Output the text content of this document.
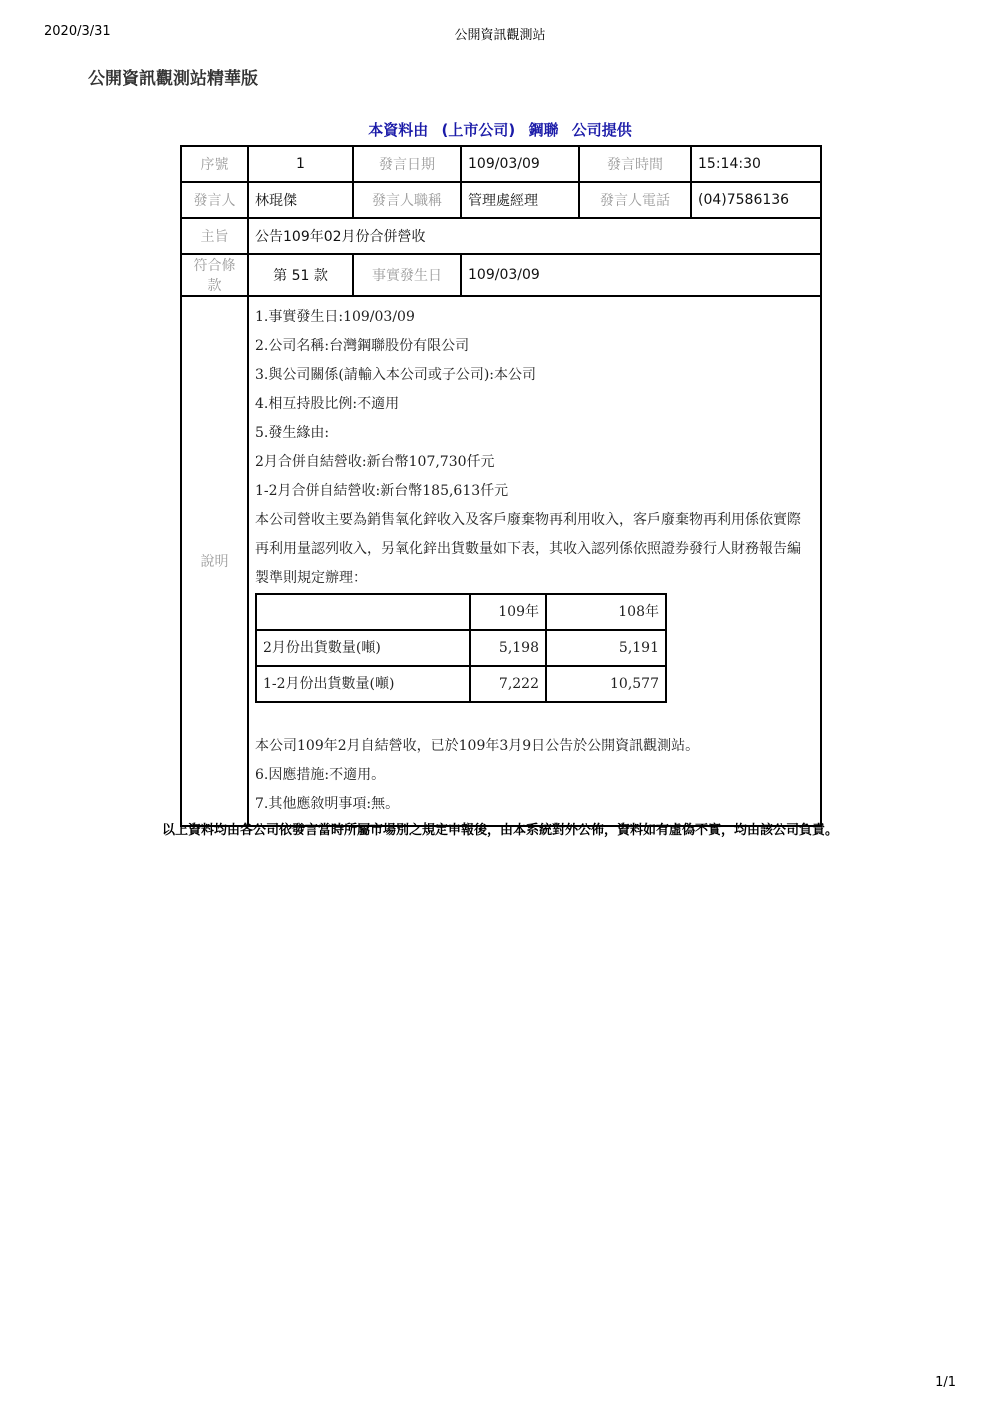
2020/3/31	公開資訊觀測站
公開資訊觀測站精華版
本資料由 (上市公司) 鋼聯 公司提供
序號	1	發言日期	109/03/09	發言時間	15:14:30
發言人	林琨傑	發言人職稱	管理處經理	發言人電話	(04)7586136
主旨	公告109年02月份合併營收
符合條款	第 51 款	事實發生日	109/03/09
說明	
1.事實發生日:109/03/09
2.公司名稱:台灣鋼聯股份有限公司
3.與公司關係(請輸入本公司或子公司):本公司
4.相互持股比例:不適用
5.發生緣由:
2月合併自結營收:新台幣107,730仟元
1-2月合併自結營收:新台幣185,613仟元
本公司營收主要為銷售氧化鋅收入及客戶廢棄物再利用收入，客戶廢棄物再利用係依實際再利用量認列收入，另氧化鋅出貨數量如下表，其收入認列係依照證券發行人財務報告編製準則規定辦理：
	109年	108年
2月份出貨數量(噸)	5,198	5,191
1-2月份出貨數量(噸)	7,222	10,577
本公司109年2月自結營收，已於109年3月9日公告於公開資訊觀測站。
6.因應措施:不適用。
7.其他應敘明事項:無。
以上資料均由各公司依發言當時所屬市場別之規定申報後，由本系統對外公佈，資料如有虛偽不實，均由該公司負責。
1/1
